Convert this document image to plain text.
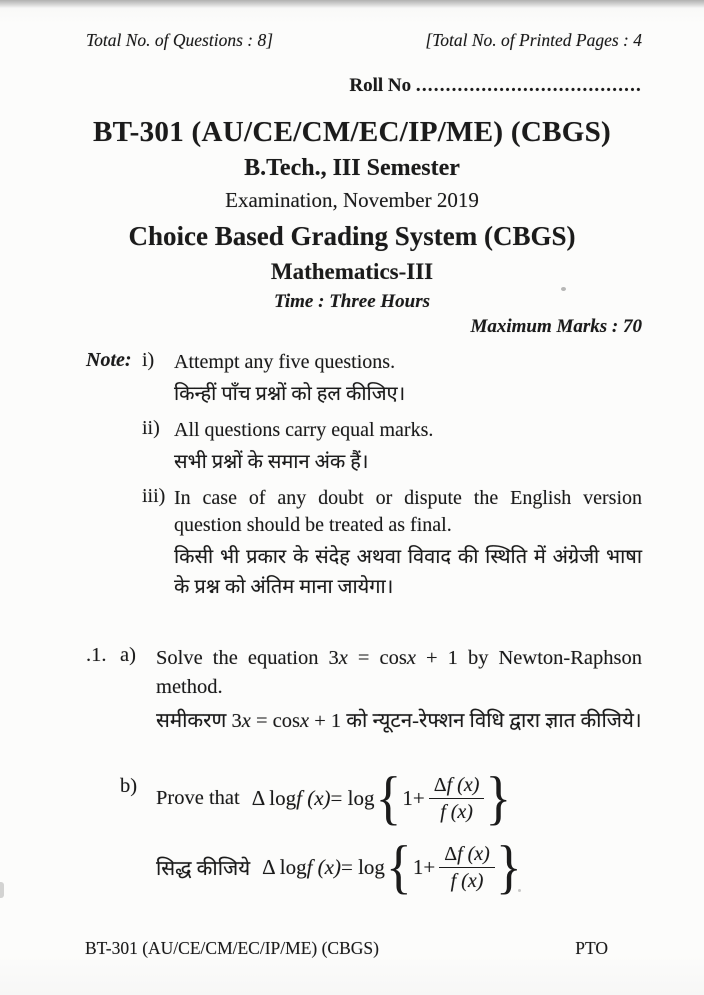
Total No. of Questions : 8]	[Total No. of Printed Pages : 4
Roll No ......................................
BT-301 (AU/CE/CM/EC/IP/ME) (CBGS)
B.Tech., III Semester
Examination, November 2019
Choice Based Grading System (CBGS)
Mathematics-III
Time : Three Hours
Maximum Marks : 70
Note: i) Attempt any five questions.
किन्हीं पाँच प्रश्नों को हल कीजिए।
ii) All questions carry equal marks.
सभी प्रश्नों के समान अंक हैं।
iii) In case of any doubt or dispute the English version question should be treated as final.
किसी भी प्रकार के संदेह अथवा विवाद की स्थिति में अंग्रेजी भाषा के प्रश्न को अंतिम माना जायेगा।
.1. a) Solve the equation 3x = cosx + 1 by Newton-Raphson method.
समीकरण 3x = cosx + 1 को न्यूटन-रेफ्शन विधि द्वारा ज्ञात कीजिये।
b)
Prove that Δ log f (x) = log { $1+ \frac{\Delta f (x)}{f (x)}$ }
सिद्ध कीजिये Δ log f (x) = log { $1+ \frac{\Delta f (x)}{f (x)}$ }
BT-301 (AU/CE/CM/EC/IP/ME) (CBGS)	PTO
